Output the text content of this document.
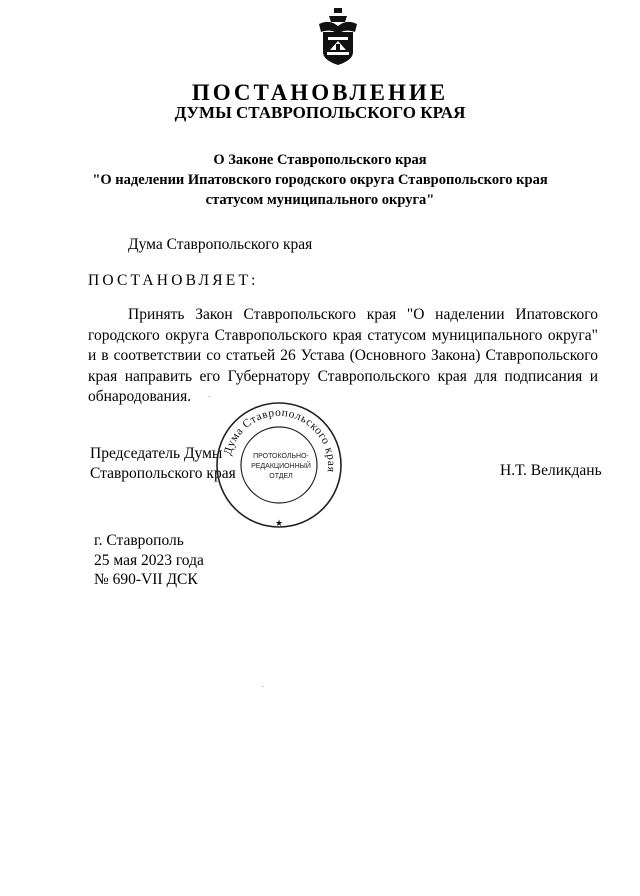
ПОСТАНОВЛЕНИЕ
ДУМЫ СТАВРОПОЛЬСКОГО КРАЯ
О Законе Ставропольского края
"О наделении Ипатовского городского округа Ставропольского края
статусом муниципального округа"
Дума Ставропольского края
ПОСТАНОВЛЯЕТ:
Принять Закон Ставропольского края "О наделении Ипатовского городского округа Ставропольского края статусом муниципального округа" и в соответствии со статьей 26 Устава (Основного Закона) Ставропольского края направить его Губернатору Ставропольского края для подписания и обнародования.
Председатель Думы
Ставропольского края	Н.Т. Великдань
Дума Ставропольского края
★
ПРОТОКОЛЬНО-
РЕДАКЦИОННЫЙ
ОТДЕЛ
г. Ставрополь
25 мая 2023 года
№ 690-VII ДСК
